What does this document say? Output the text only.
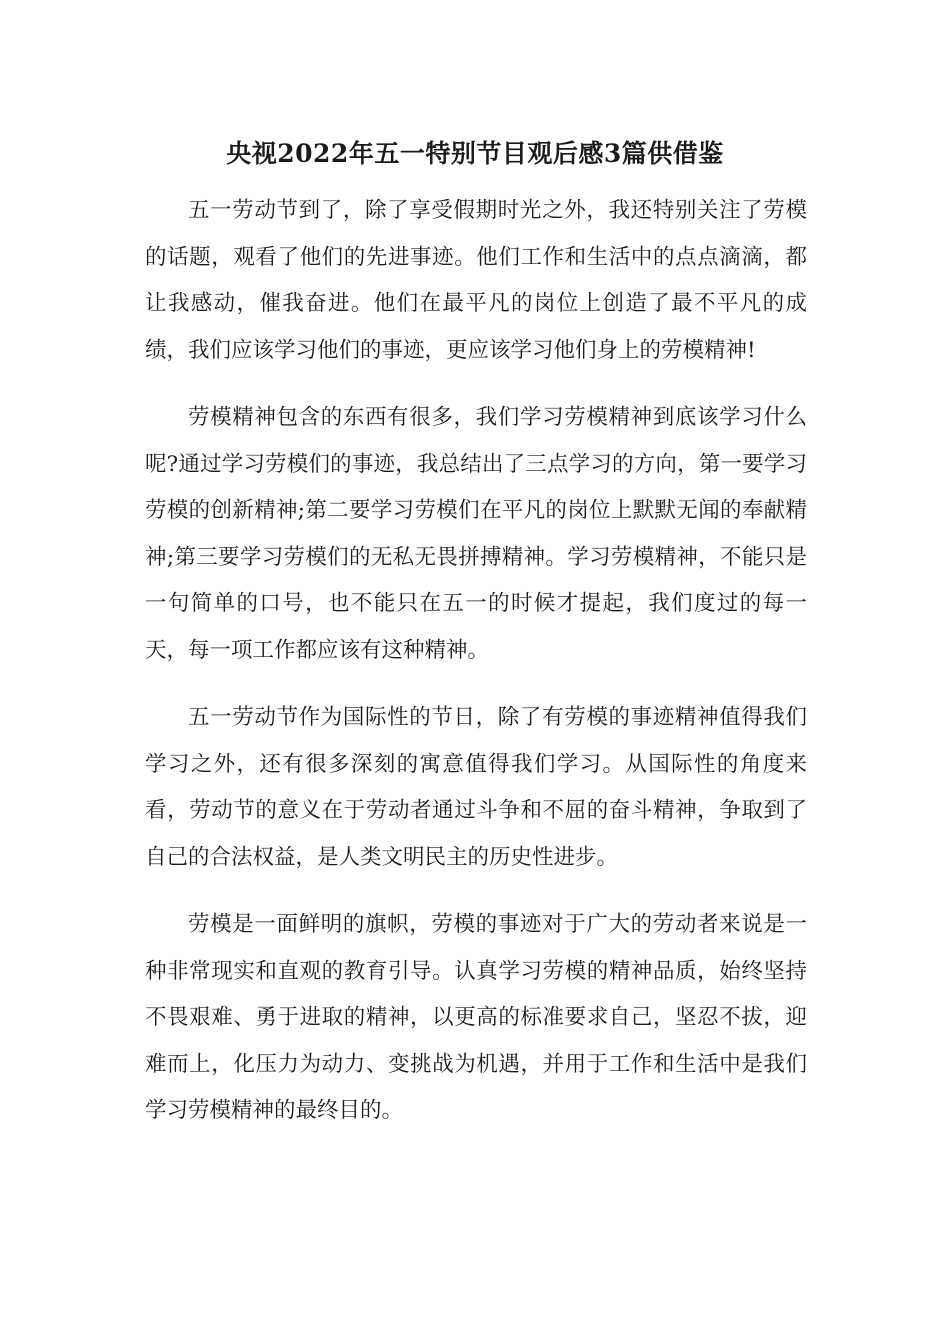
央视2022年五一特别节目观后感3篇供借鉴

五一劳动节到了，除了享受假期时光之外，我还特别关注了劳模的话题，观看了他们的先进事迹。他们工作和生活中的点点滴滴，都让我感动，催我奋进。他们在最平凡的岗位上创造了最不平凡的成绩，我们应该学习他们的事迹，更应该学习他们身上的劳模精神!

劳模精神包含的东西有很多，我们学习劳模精神到底该学习什么呢?通过学习劳模们的事迹，我总结出了三点学习的方向，第一要学习劳模的创新精神;第二要学习劳模们在平凡的岗位上默默无闻的奉献精神;第三要学习劳模们的无私无畏拼搏精神。学习劳模精神，不能只是一句简单的口号，也不能只在五一的时候才提起，我们度过的每一天，每一项工作都应该有这种精神。

五一劳动节作为国际性的节日，除了有劳模的事迹精神值得我们学习之外，还有很多深刻的寓意值得我们学习。从国际性的角度来看，劳动节的意义在于劳动者通过斗争和不屈的奋斗精神，争取到了自己的合法权益，是人类文明民主的历史性进步。

劳模是一面鲜明的旗帜，劳模的事迹对于广大的劳动者来说是一种非常现实和直观的教育引导。认真学习劳模的精神品质，始终坚持不畏艰难、勇于进取的精神，以更高的标准要求自己，坚忍不拔，迎难而上，化压力为动力、变挑战为机遇，并用于工作和生活中是我们学习劳模精神的最终目的。
